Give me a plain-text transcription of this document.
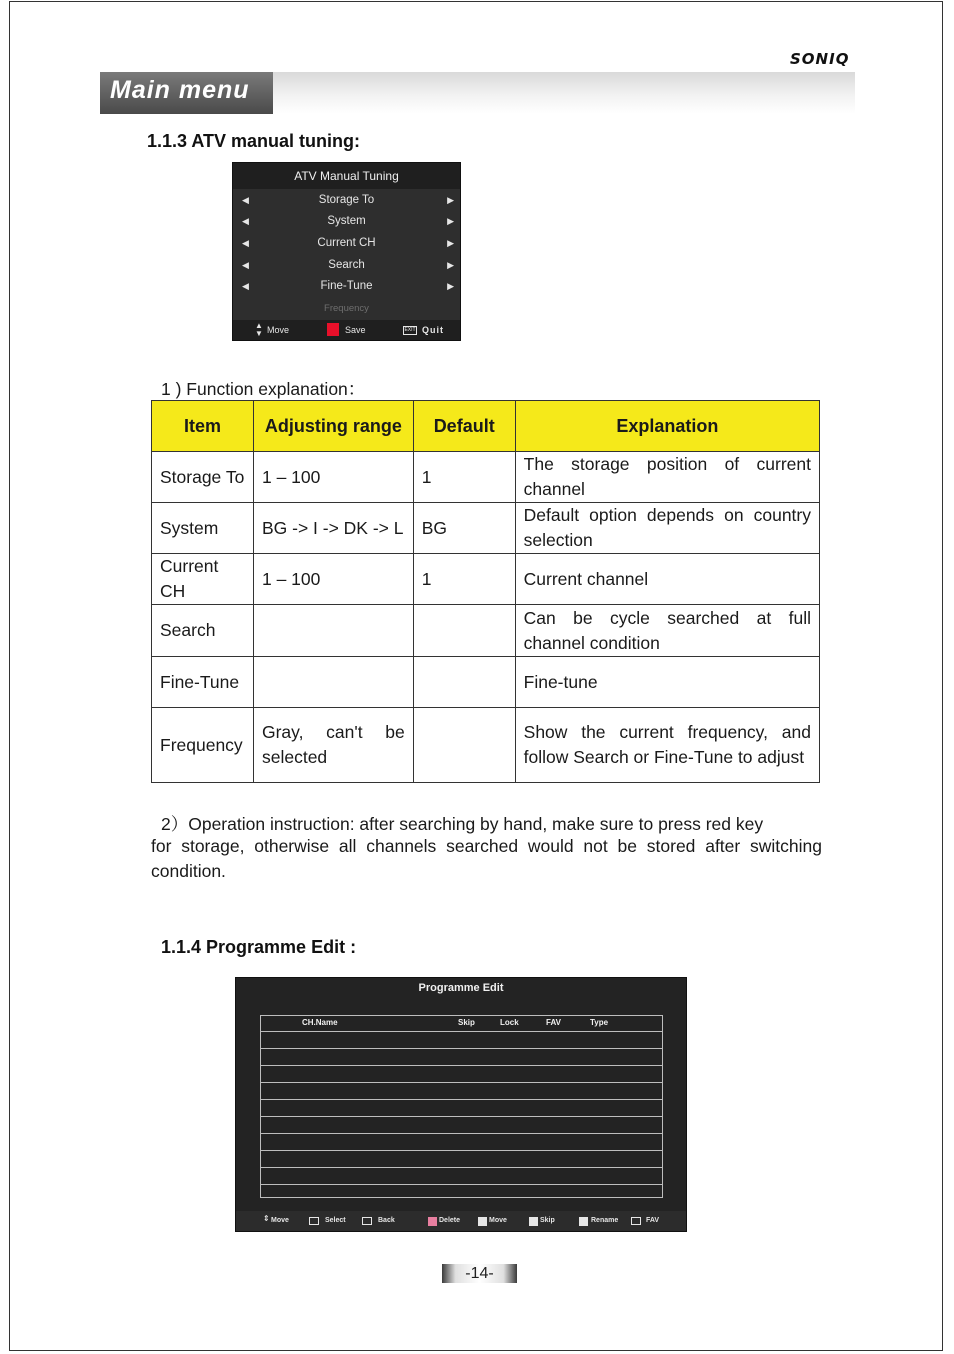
SONIQ
Main menu
1.1.3 ATV manual tuning:
ATV Manual Tuning
◀	Storage To	▶
◀	System	▶
◀	Current CH	▶
◀	Search	▶
◀	Fine-Tune	▶
Frequency
▲

▼ Move	Save	EXIT Quit
1 ) Function explanation：
Item	Adjusting range	Default	Explanation
Storage To	1 – 100	1	The storage position of current channel
System	BG -> I -> DK -> L	BG	Default option depends on country selection
Current CH	1 – 100	1	Current channel
Search			Can be cycle searched at full channel condition
Fine-Tune			Fine-tune
Frequency	Gray, can't be selected		Show the current frequency, and follow Search or Fine-Tune to adjust
2）Operation instruction: after searching by hand, make sure to press red key
for storage, otherwise all channels searched would not be stored after switching condition.
1.1.4 Programme Edit :
Programme Edit
CH.Name	Skip	Lock	FAV	Type
⇕ Move	Select	Back	Delete	Move	Skip	Rename	FAV
-14-
